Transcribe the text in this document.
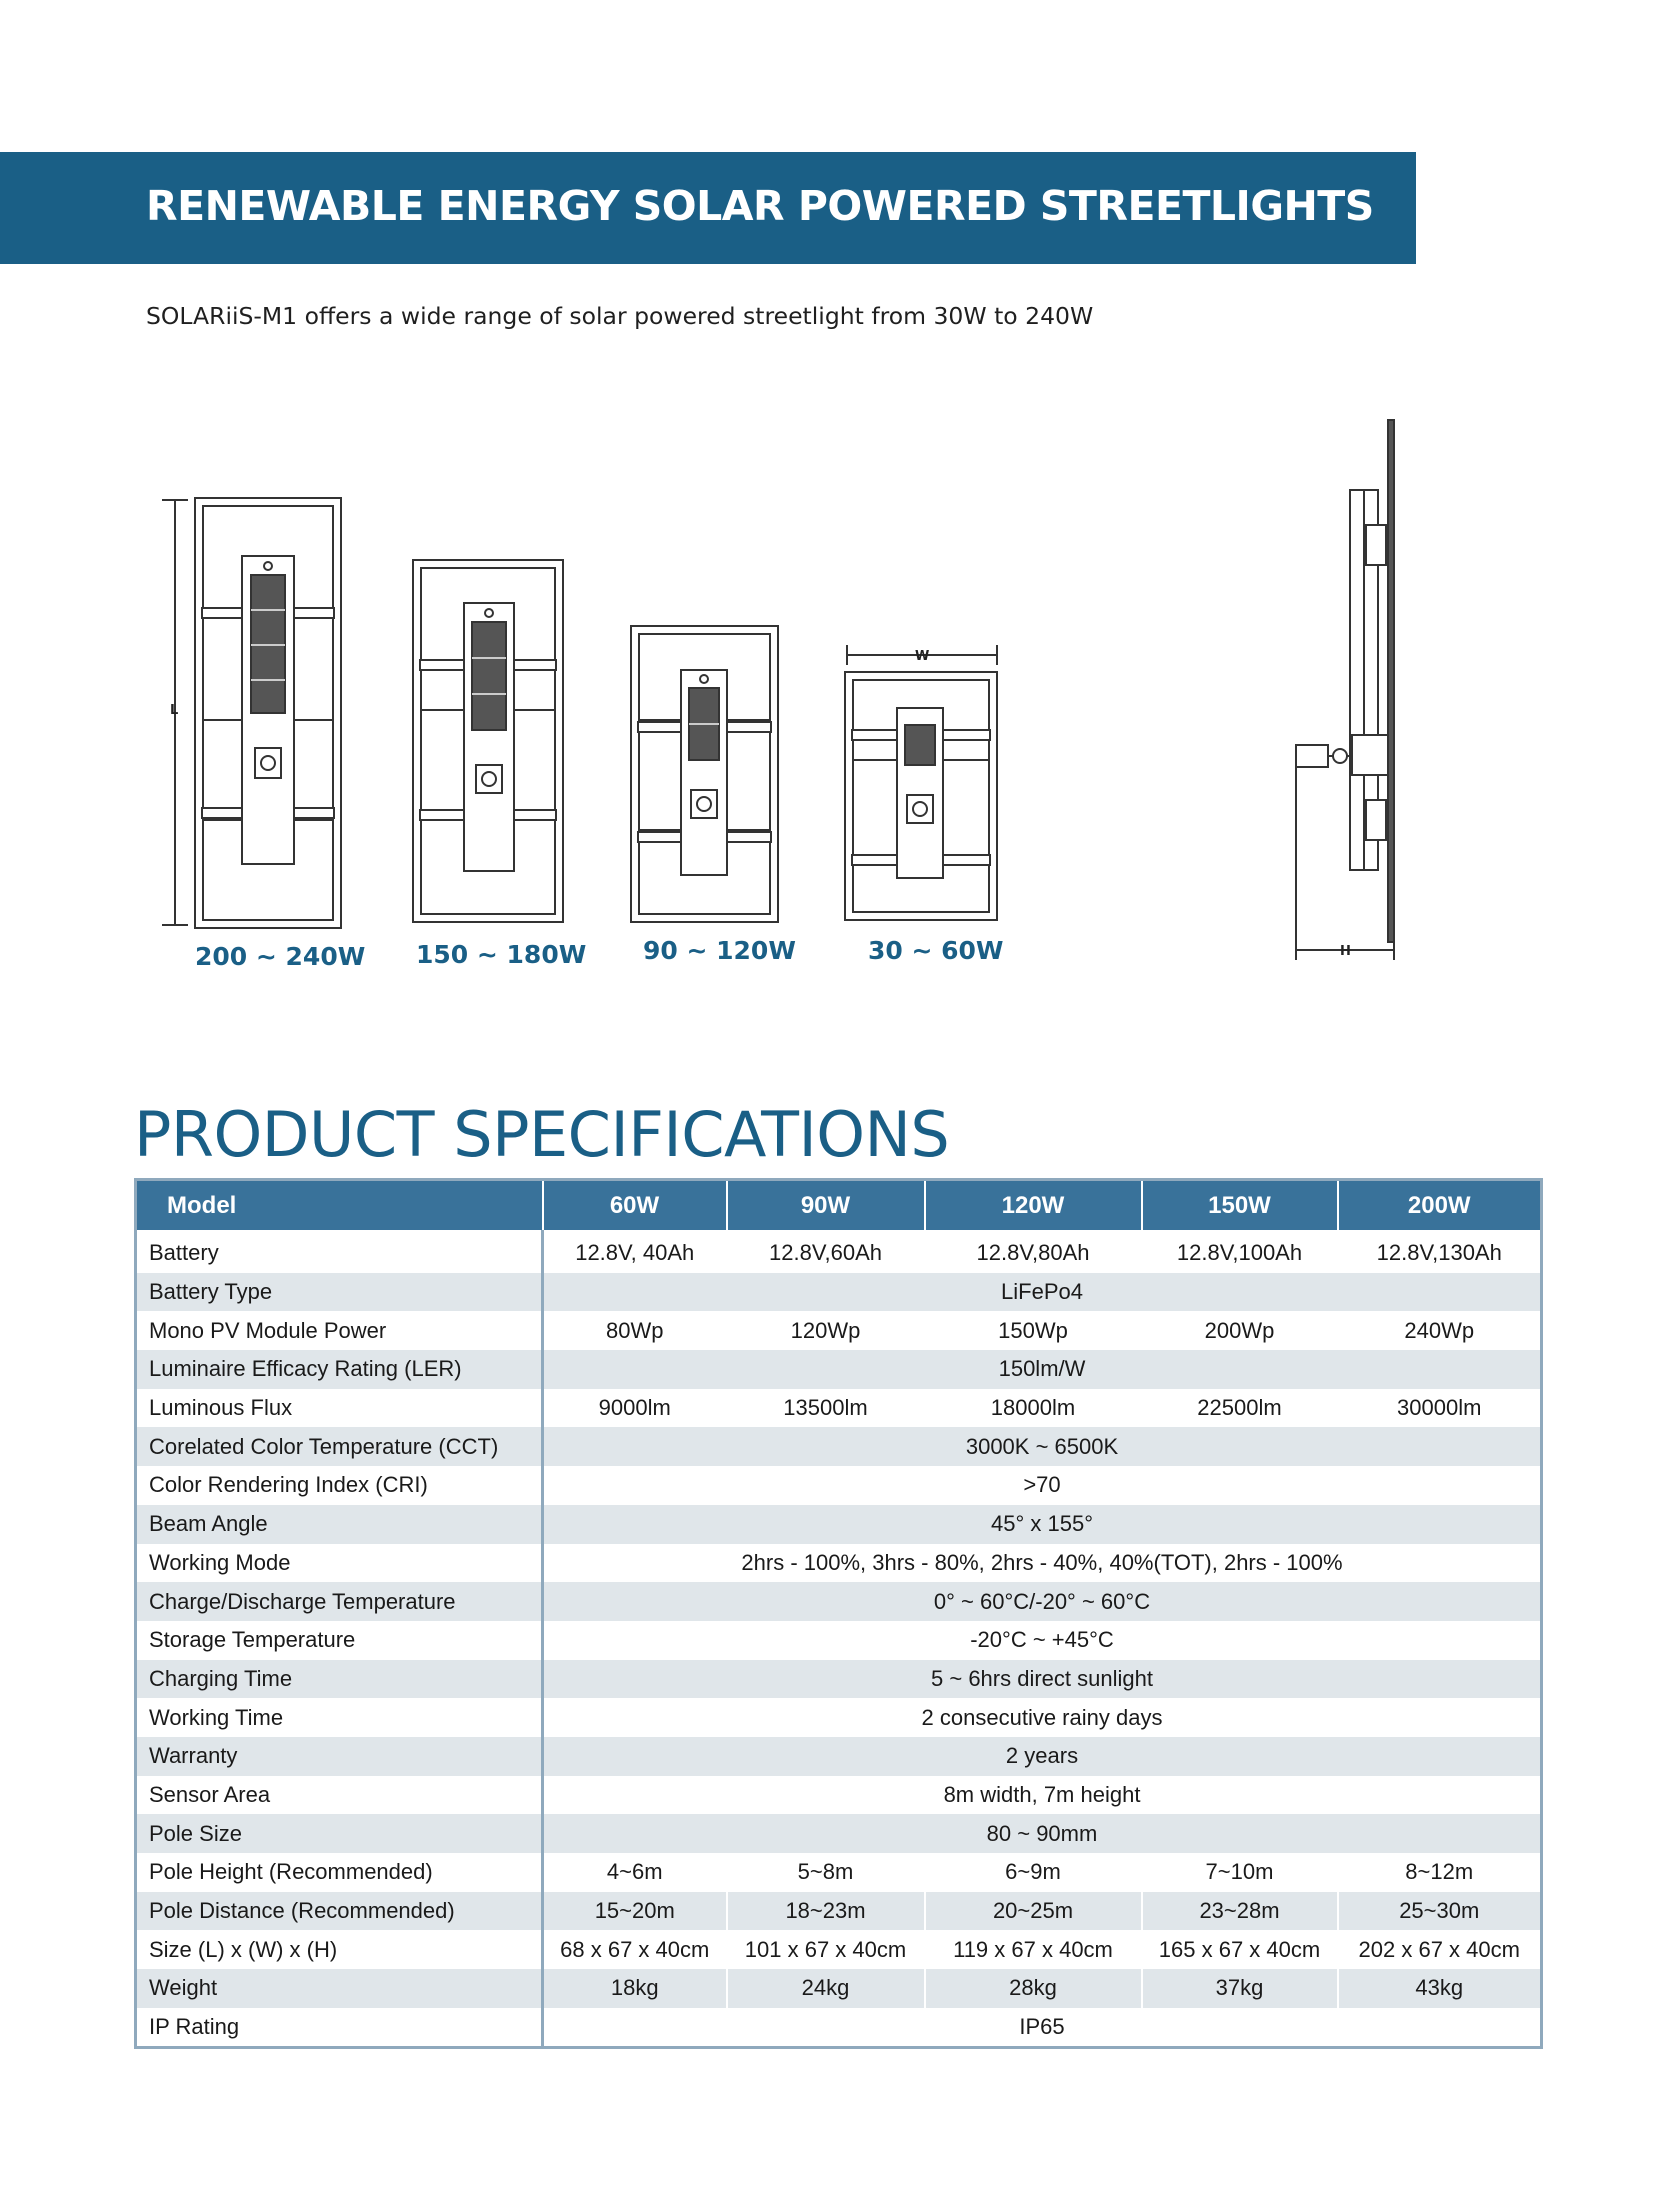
RENEWABLE ENERGY SOLAR POWERED STREETLIGHTS

SOLARiiS-M1 offers a wide range of solar powered streetlight from 30W to 240W

L
W
H
200 ~ 240W 150 ~ 180W 90 ~ 120W	30 ~ 60W
PRODUCT SPECIFICATIONS
Model	60W	90W	120W	150W	200W
Battery	12.8V, 40Ah	12.8V,60Ah	12.8V,80Ah	12.8V,100Ah	12.8V,130Ah
Battery Type	LiFePo4				
Mono PV Module Power	80Wp	120Wp	150Wp	200Wp	240Wp
Luminaire Efficacy Rating (LER)	150lm/W				
Luminous Flux	9000lm	13500lm	18000lm	22500lm	30000lm
Corelated Color Temperature (CCT)	3000K ~ 6500K				
Color Rendering Index (CRI)	>70				
Beam Angle	45° x 155°				
Working Mode	2hrs - 100%, 3hrs - 80%, 2hrs - 40%, 40%(TOT), 2hrs - 100%				
Charge/Discharge Temperature	0° ~ 60°C/-20° ~ 60°C				
Storage Temperature	-20°C ~ +45°C				
Charging Time	5 ~ 6hrs direct sunlight				
Working Time	2 consecutive rainy days				
Warranty	2 years				
Sensor Area	8m width, 7m height				
Pole Size	80 ~ 90mm				
Pole Height (Recommended)	4~6m	5~8m	6~9m	7~10m	8~12m
Pole Distance (Recommended)	15~20m	18~23m	20~25m	23~28m	25~30m
Size (L) x (W) x (H)	68 x 67 x 40cm	101 x 67 x 40cm	119 x 67 x 40cm	165 x 67 x 40cm	202 x 67 x 40cm
Weight	18kg	24kg	28kg	37kg	43kg
IP Rating	IP65				
